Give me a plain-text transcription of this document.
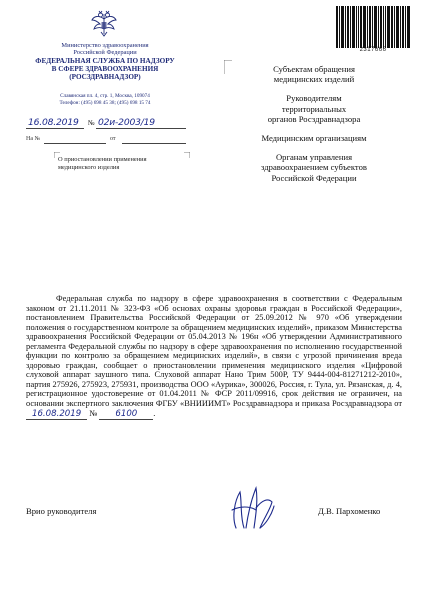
Министерство здравоохранения
Российской Федерации
ФЕДЕРАЛЬНАЯ СЛУЖБА ПО НАДЗОРУ
В СФЕРЕ ЗДРАВООХРАНЕНИЯ
(РОСЗДРАВНАДЗОР)
Славянская пл. 4, стр. 1, Москва, 109074
Телефон: (495) 698 45 38; (495) 698 15 74
16.08.2019 № 02и-2003/19
На №	от
О приостановлении применения
медицинского изделия
2317666
Субъектам обращения
медицинских изделий
Руководителям
территориальных
органов Росздравнадзора
Медицинским организациям
Органам управления
здравоохранением субъектов
Российской Федерации
Федеральная служба по надзору в сфере здравоохранения в соответствии с Федеральным законом от 21.11.2011 № 323-ФЗ «Об основах охраны здоровья граждан в Российской Федерации», постановлением Правительства Российской Федерации от 25.09.2012 № 970 «Об утверждении положения о государственном контроле за обращением медицинских изделий», приказом Министерства здравоохранения Российской Федерации от 05.04.2013 № 196н «Об утверждении Административного регламента Федеральной службы по надзору в сфере здравоохранения по исполнению государственной функции по контролю за обращением медицинских изделий», в связи с угрозой причинения вреда здоровью граждан, сообщает о приостановлении применения медицинского изделия «Цифровой слуховой аппарат заушного типа. Слуховой аппарат Нано Трим 500Р, ТУ 9444-004-81271212-2010», партия 275926, 275923, 275931, производства ООО «Аурика», 300026, Россия, г. Тула, ул. Рязанская, д. 4, регистрационное удостоверение от 01.04.2011 № ФСР 2011/09916, срок действия не ограничен, на основании экспертного заключения ФГБУ «ВНИИИМТ» Росздравнадзора и приказа Росздравнадзора от 16.08.2019 № 6100 .
Врио руководителя	Д.В. Пархоменко
